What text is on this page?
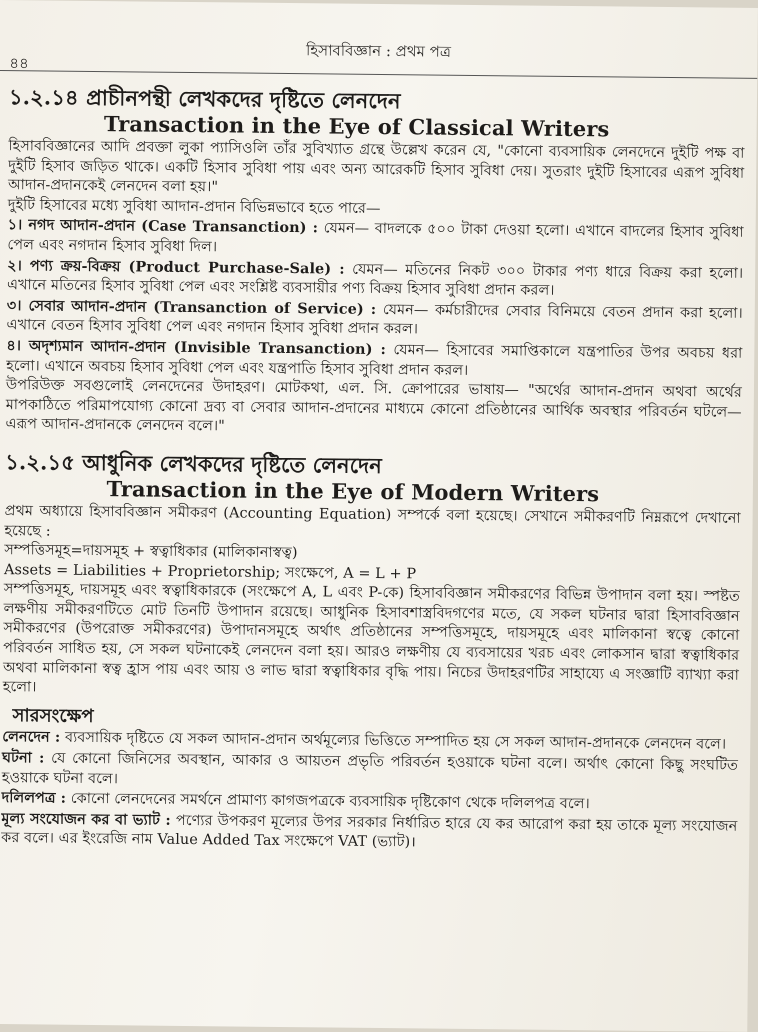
হিসাববিজ্ঞান : প্রথম পত্র
৪৪
১.২.১৪ প্রাচীনপন্থী লেখকদের দৃষ্টিতে লেনদেন
Transaction in the Eye of Classical Writers

হিসাববিজ্ঞানের আদি প্রবক্তা লুকা প্যাসিওলি তাঁর সুবিখ্যাত গ্রন্থে উল্লেখ করেন যে, "কোনো ব্যবসায়িক লেনদেনে দুইটি পক্ষ বা দুইটি হিসাব জড়িত থাকে। একটি হিসাব সুবিধা পায় এবং অন্য আরেকটি হিসাব সুবিধা দেয়। সুতরাং দুইটি হিসাবের এরূপ সুবিধা আদান-প্রদানকেই লেনদেন বলা হয়।"

দুইটি হিসাবের মধ্যে সুবিধা আদান-প্রদান বিভিন্নভাবে হতে পারে—

১। নগদ আদান-প্রদান (Case Transanction) : যেমন— বাদলকে ৫০০ টাকা দেওয়া হলো। এখানে বাদলের হিসাব সুবিধা পেল এবং নগদান হিসাব সুবিধা দিল।

২। পণ্য ক্রয়-বিক্রয় (Product Purchase-Sale) : যেমন— মতিনের নিকট ৩০০ টাকার পণ্য ধারে বিক্রয় করা হলো। এখানে মতিনের হিসাব সুবিধা পেল এবং সংশ্লিষ্ট ব্যবসায়ীর পণ্য বিক্রয় হিসাব সুবিধা প্রদান করল।

৩। সেবার আদান-প্রদান (Transanction of Service) : যেমন— কর্মচারীদের সেবার বিনিময়ে বেতন প্রদান করা হলো। এখানে বেতন হিসাব সুবিধা পেল এবং নগদান হিসাব সুবিধা প্রদান করল।

৪। অদৃশ্যমান আদান-প্রদান (Invisible Transanction) : যেমন— হিসাবের সমাপ্তিকালে যন্ত্রপাতির উপর অবচয় ধরা হলো। এখানে অবচয় হিসাব সুবিধা পেল এবং যন্ত্রপাতি হিসাব সুবিধা প্রদান করল।

উপরিউক্ত সবগুলোই লেনদেনের উদাহরণ। মোটকথা, এল. সি. ক্রোপারের ভাষায়— "অর্থের আদান-প্রদান অথবা অর্থের মাপকাঠিতে পরিমাপযোগ্য কোনো দ্রব্য বা সেবার আদান-প্রদানের মাধ্যমে কোনো প্রতিষ্ঠানের আর্থিক অবস্থার পরিবর্তন ঘটলে— এরূপ আদান-প্রদানকে লেনদেন বলে।"

১.২.১৫ আধুনিক লেখকদের দৃষ্টিতে লেনদেন
Transaction in the Eye of Modern Writers

প্রথম অধ্যায়ে হিসাববিজ্ঞান সমীকরণ (Accounting Equation) সম্পর্কে বলা হয়েছে। সেখানে সমীকরণটি নিম্নরূপে দেখানো হয়েছে :

সম্পত্তিসমূহ=দায়সমূহ + স্বত্বাধিকার (মালিকানাস্বত্ব)

Assets = Liabilities + Proprietorship; সংক্ষেপে, A = L + P

সম্পত্তিসমূহ, দায়সমূহ এবং স্বত্বাধিকারকে (সংক্ষেপে A, L এবং P-কে) হিসাববিজ্ঞান সমীকরণের বিভিন্ন উপাদান বলা হয়। স্পষ্টত লক্ষণীয় সমীকরণটিতে মোট তিনটি উপাদান রয়েছে। আধুনিক হিসাবশাস্ত্রবিদগণের মতে, যে সকল ঘটনার দ্বারা হিসাববিজ্ঞান সমীকরণের (উপরোক্ত সমীকরণের) উপাদানসমূহে অর্থাৎ প্রতিষ্ঠানের সম্পত্তিসমূহে, দায়সমূহে এবং মালিকানা স্বত্বে কোনো পরিবর্তন সাধিত হয়, সে সকল ঘটনাকেই লেনদেন বলা হয়। আরও লক্ষণীয় যে ব্যবসায়ের খরচ এবং লোকসান দ্বারা স্বত্বাধিকার অথবা মালিকানা স্বত্ব হ্রাস পায় এবং আয় ও লাভ দ্বারা স্বত্বাধিকার বৃদ্ধি পায়। নিচের উদাহরণটির সাহায্যে এ সংজ্ঞাটি ব্যাখ্যা করা হলো।

সারসংক্ষেপ

লেনদেন : ব্যবসায়িক দৃষ্টিতে যে সকল আদান-প্রদান অর্থমূল্যের ভিত্তিতে সম্পাদিত হয় সে সকল আদান-প্রদানকে লেনদেন বলে।

ঘটনা : যে কোনো জিনিসের অবস্থান, আকার ও আয়তন প্রভৃতি পরিবর্তন হওয়াকে ঘটনা বলে। অর্থাৎ কোনো কিছু সংঘটিত হওয়াকে ঘটনা বলে।

দলিলপত্র : কোনো লেনদেনের সমর্থনে প্রামাণ্য কাগজপত্রকে ব্যবসায়িক দৃষ্টিকোণ থেকে দলিলপত্র বলে।

মূল্য সংযোজন কর বা ভ্যাট : পণ্যের উপকরণ মূল্যের উপর সরকার নির্ধারিত হারে যে কর আরোপ করা হয় তাকে মূল্য সংযোজন কর বলে। এর ইংরেজি নাম Value Added Tax সংক্ষেপে VAT (ভ্যাট)।
